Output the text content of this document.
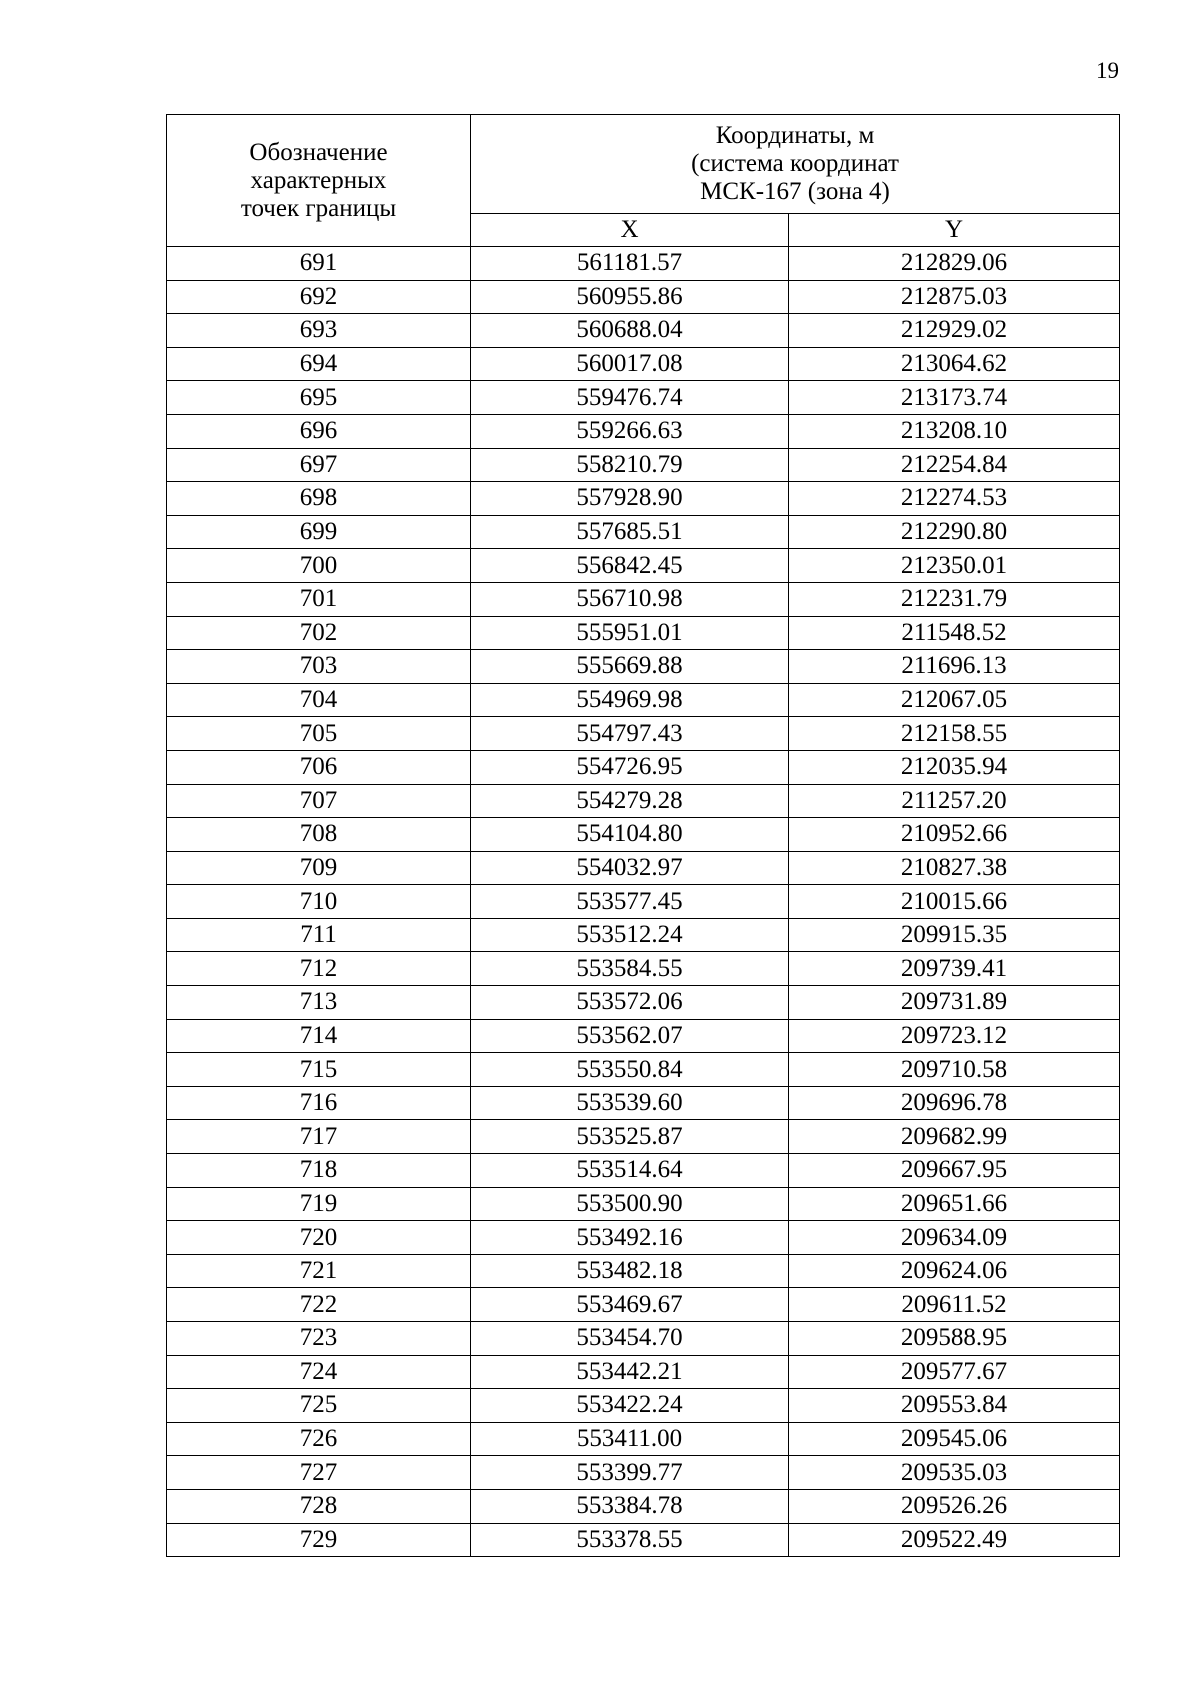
19
Обозначение
характерных
точек границы	Координаты, м
(система координат
МСК-167 (зона 4)	

	X	Y
691	561181.57	212829.06
692	560955.86	212875.03
693	560688.04	212929.02
694	560017.08	213064.62
695	559476.74	213173.74
696	559266.63	213208.10
697	558210.79	212254.84
698	557928.90	212274.53
699	557685.51	212290.80
700	556842.45	212350.01
701	556710.98	212231.79
702	555951.01	211548.52
703	555669.88	211696.13
704	554969.98	212067.05
705	554797.43	212158.55
706	554726.95	212035.94
707	554279.28	211257.20
708	554104.80	210952.66
709	554032.97	210827.38
710	553577.45	210015.66
711	553512.24	209915.35
712	553584.55	209739.41
713	553572.06	209731.89
714	553562.07	209723.12
715	553550.84	209710.58
716	553539.60	209696.78
717	553525.87	209682.99
718	553514.64	209667.95
719	553500.90	209651.66
720	553492.16	209634.09
721	553482.18	209624.06
722	553469.67	209611.52
723	553454.70	209588.95
724	553442.21	209577.67
725	553422.24	209553.84
726	553411.00	209545.06
727	553399.77	209535.03
728	553384.78	209526.26
729	553378.55	209522.49
